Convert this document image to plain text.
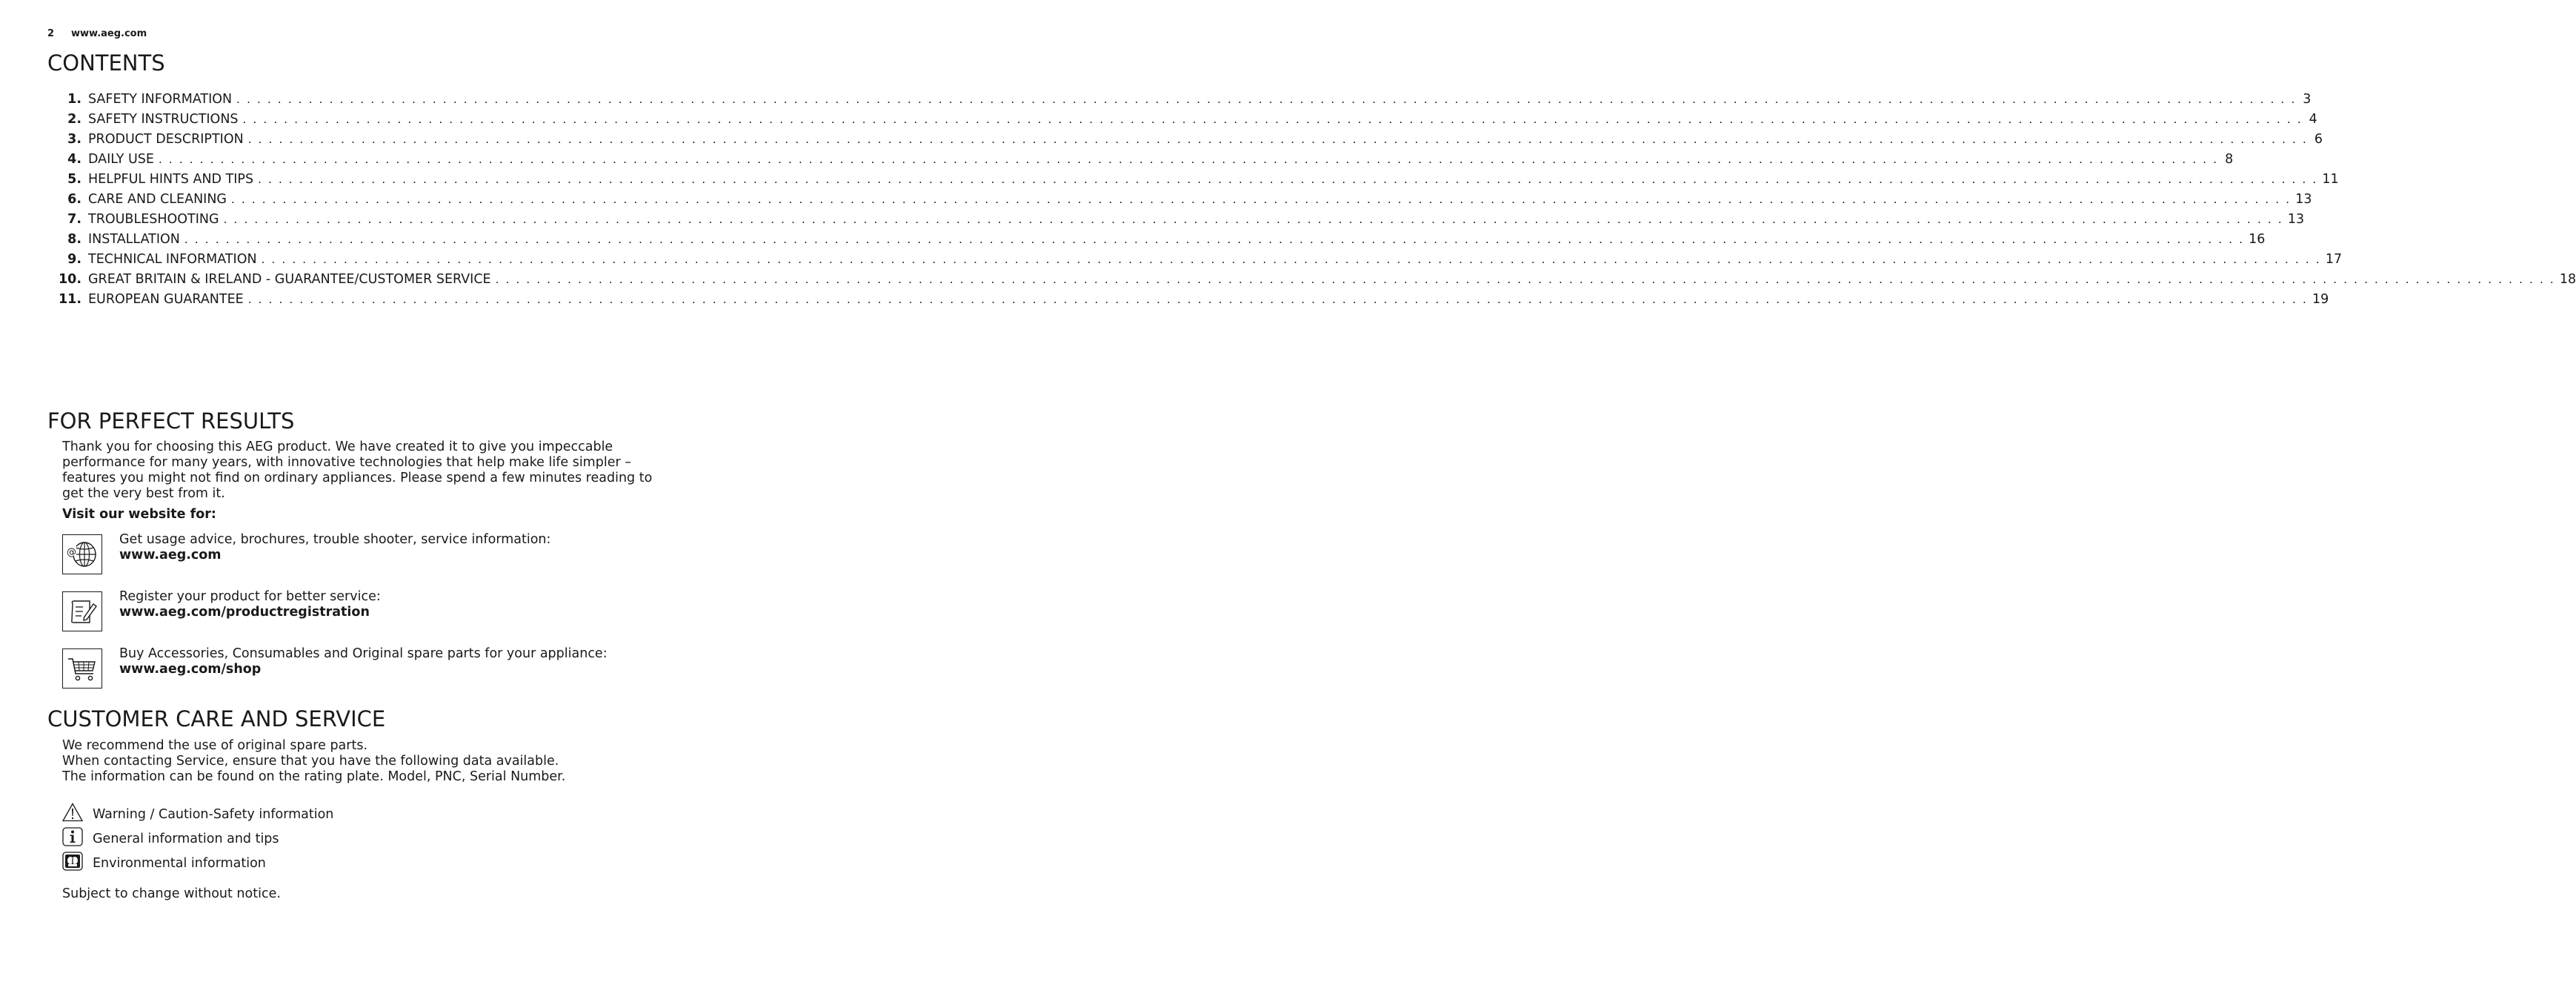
2 www.aeg.com
CONTENTS
1. SAFETY INFORMATION . . . . . . . . . . . . . . . . . . . . . . . . . . . . . . . . . . . . . . . . . . . . . . . . . . . . . . . . . . . . . . . . . . . . . . . . . . . . . . . . . . . . . . . . . . . . . . . . . . . . . . . . . . . . . . . . . . . . . . . . . . . . . . . . . . . . . . . . . . . . . . . . . . . . . . . . . . . . . . . . . . . . . . . . . . . . . . . . . . . . . . . . . . . . . . . . . . . . . . . . 3
2. SAFETY INSTRUCTIONS . . . . . . . . . . . . . . . . . . . . . . . . . . . . . . . . . . . . . . . . . . . . . . . . . . . . . . . . . . . . . . . . . . . . . . . . . . . . . . . . . . . . . . . . . . . . . . . . . . . . . . . . . . . . . . . . . . . . . . . . . . . . . . . . . . . . . . . . . . . . . . . . . . . . . . . . . . . . . . . . . . . . . . . . . . . . . . . . . . . . . . . . . . . . . . . . . . . . . . . . 4
3. PRODUCT DESCRIPTION . . . . . . . . . . . . . . . . . . . . . . . . . . . . . . . . . . . . . . . . . . . . . . . . . . . . . . . . . . . . . . . . . . . . . . . . . . . . . . . . . . . . . . . . . . . . . . . . . . . . . . . . . . . . . . . . . . . . . . . . . . . . . . . . . . . . . . . . . . . . . . . . . . . . . . . . . . . . . . . . . . . . . . . . . . . . . . . . . . . . . . . . . . . . . . . . . . . . . . . . 6
4. DAILY USE . . . . . . . . . . . . . . . . . . . . . . . . . . . . . . . . . . . . . . . . . . . . . . . . . . . . . . . . . . . . . . . . . . . . . . . . . . . . . . . . . . . . . . . . . . . . . . . . . . . . . . . . . . . . . . . . . . . . . . . . . . . . . . . . . . . . . . . . . . . . . . . . . . . . . . . . . . . . . . . . . . . . . . . . . . . . . . . . . . . . . . . . . . . . . . . . . . . . . . . . 8
5. HELPFUL HINTS AND TIPS . . . . . . . . . . . . . . . . . . . . . . . . . . . . . . . . . . . . . . . . . . . . . . . . . . . . . . . . . . . . . . . . . . . . . . . . . . . . . . . . . . . . . . . . . . . . . . . . . . . . . . . . . . . . . . . . . . . . . . . . . . . . . . . . . . . . . . . . . . . . . . . . . . . . . . . . . . . . . . . . . . . . . . . . . . . . . . . . . . . . . . . . . . . . . . . . . . . . . . . . 11
6. CARE AND CLEANING . . . . . . . . . . . . . . . . . . . . . . . . . . . . . . . . . . . . . . . . . . . . . . . . . . . . . . . . . . . . . . . . . . . . . . . . . . . . . . . . . . . . . . . . . . . . . . . . . . . . . . . . . . . . . . . . . . . . . . . . . . . . . . . . . . . . . . . . . . . . . . . . . . . . . . . . . . . . . . . . . . . . . . . . . . . . . . . . . . . . . . . . . . . . . . . . . . . . . . . . 13
7. TROUBLESHOOTING . . . . . . . . . . . . . . . . . . . . . . . . . . . . . . . . . . . . . . . . . . . . . . . . . . . . . . . . . . . . . . . . . . . . . . . . . . . . . . . . . . . . . . . . . . . . . . . . . . . . . . . . . . . . . . . . . . . . . . . . . . . . . . . . . . . . . . . . . . . . . . . . . . . . . . . . . . . . . . . . . . . . . . . . . . . . . . . . . . . . . . . . . . . . . . . . . . . . . . . . 13
8. INSTALLATION . . . . . . . . . . . . . . . . . . . . . . . . . . . . . . . . . . . . . . . . . . . . . . . . . . . . . . . . . . . . . . . . . . . . . . . . . . . . . . . . . . . . . . . . . . . . . . . . . . . . . . . . . . . . . . . . . . . . . . . . . . . . . . . . . . . . . . . . . . . . . . . . . . . . . . . . . . . . . . . . . . . . . . . . . . . . . . . . . . . . . . . . . . . . . . . . . . . . . . . . 16
9. TECHNICAL INFORMATION . . . . . . . . . . . . . . . . . . . . . . . . . . . . . . . . . . . . . . . . . . . . . . . . . . . . . . . . . . . . . . . . . . . . . . . . . . . . . . . . . . . . . . . . . . . . . . . . . . . . . . . . . . . . . . . . . . . . . . . . . . . . . . . . . . . . . . . . . . . . . . . . . . . . . . . . . . . . . . . . . . . . . . . . . . . . . . . . . . . . . . . . . . . . . . . . . . . . . . . . 17
10. GREAT BRITAIN & IRELAND - GUARANTEE/CUSTOMER SERVICE . . . . . . . . . . . . . . . . . . . . . . . . . . . . . . . . . . . . . . . . . . . . . . . . . . . . . . . . . . . . . . . . . . . . . . . . . . . . . . . . . . . . . . . . . . . . . . . . . . . . . . . . . . . . . . . . . . . . . . . . . . . . . . . . . . . . . . . . . . . . . . . . . . . . . . . . . . . . . . . . . . . . . . . . . . . . . . . . . . . . . . . . . . . . . . . . . . . . . . . . 18
11. EUROPEAN GUARANTEE . . . . . . . . . . . . . . . . . . . . . . . . . . . . . . . . . . . . . . . . . . . . . . . . . . . . . . . . . . . . . . . . . . . . . . . . . . . . . . . . . . . . . . . . . . . . . . . . . . . . . . . . . . . . . . . . . . . . . . . . . . . . . . . . . . . . . . . . . . . . . . . . . . . . . . . . . . . . . . . . . . . . . . . . . . . . . . . . . . . . . . . . . . . . . . . . . . . . . . . . 19
FOR PERFECT RESULTS
Thank you for choosing this AEG product. We have created it to give you impeccable performance for many years, with innovative technologies that help make life simpler – features you might not find on ordinary appliances. Please spend a few minutes reading to get the very best from it.
Visit our website for:
@
Get usage advice, brochures, trouble shooter, service information:
www.aeg.com
Register your product for better service:
www.aeg.com/productregistration
Buy Accessories, Consumables and Original spare parts for your appliance:
www.aeg.com/shop
CUSTOMER CARE AND SERVICE
We recommend the use of original spare parts.
When contacting Service, ensure that you have the following data available.
The information can be found on the rating plate. Model, PNC, Serial Number.
Warning / Caution-Safety information
General information and tips
Environmental information
Subject to change without notice.
